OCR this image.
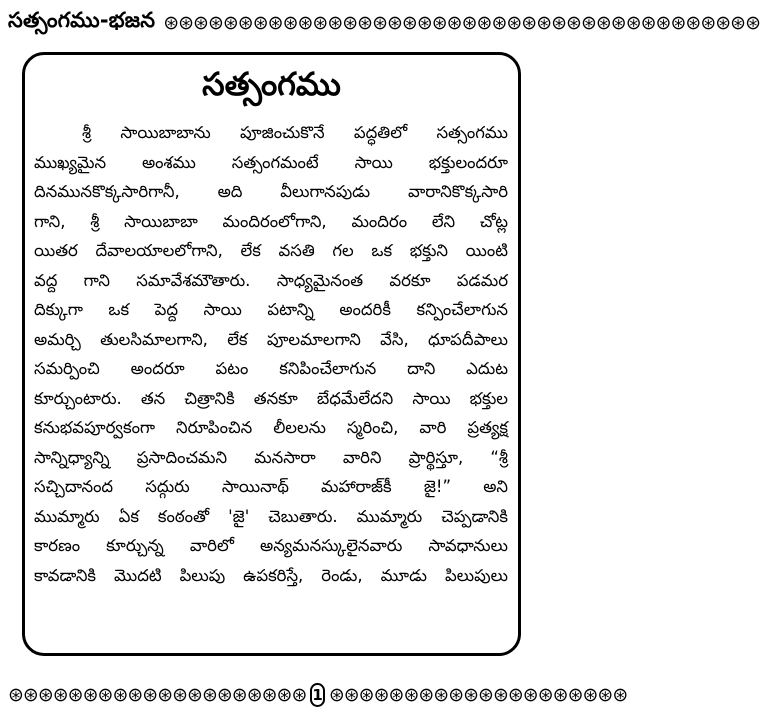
సత్సంగము-భజన ⊛⊛⊛⊛⊛⊛⊛⊛⊛⊛⊛⊛⊛⊛⊛⊛⊛⊛⊛⊛⊛⊛⊛⊛⊛⊛⊛⊛⊛⊛⊛⊛⊛⊛⊛⊛⊛⊛⊛⊛
సత్సంగము
శ్రీ సాయిబాబాను పూజించుకొనే పద్ధతిలో సత్సంగము
ముఖ్యమైన అంశము సత్సంగమంటే సాయి భక్తులందరూ
దినమునకొక్కసారిగానీ, అది వీలుగానపుడు వారానికొక్కసారి
గాని, శ్రీ సాయిబాబా మందిరంలోగాని, మందిరం లేని చోట్ల
యితర దేవాలయాలలోగాని, లేక వసతి గల ఒక భక్తుని యింటి
వద్ద గాని సమావేశమౌతారు. సాధ్యమైనంత వరకూ పడమర
దిక్కుగా ఒక పెద్ద సాయి పటాన్ని అందరికీ కన్పించేలాగున
అమర్చి తులసిమాలగాని, లేక పూలమాలగాని వేసి, ధూపదీపాలు
సమర్పించి అందరూ పటం కనిపించేలాగున దాని ఎదుట
కూర్చుంటారు. తన చిత్రానికి తనకూ బేధమేలేదని సాయి భక్తుల
కనుభవపూర్వకంగా నిరూపించిన లీలలను స్మరించి, వారి ప్రత్యక్ష
సాన్నిధ్యాన్ని ప్రసాదించమని మనసారా వారిని ప్రార్థిస్తూ, “శ్రీ
సచ్చిదానంద సద్గురు సాయినాథ్ మహారాజ్‌కీ జై!” అని
ముమ్మారు ఏక కంఠంతో 'జై' చెబుతారు. ముమ్మారు చెప్పడానికి
కారణం కూర్చున్న వారిలో అన్యమనస్కులైనవారు సావధానులు
కావడానికి మొదటి పిలుపు ఉపకరిస్తే, రెండు, మూడు పిలుపులు
⊛⊛⊛⊛⊛⊛⊛⊛⊛⊛⊛⊛⊛⊛⊛⊛⊛⊛⊛⊛ 1 ⊛⊛⊛⊛⊛⊛⊛⊛⊛⊛⊛⊛⊛⊛⊛⊛⊛⊛⊛⊛
